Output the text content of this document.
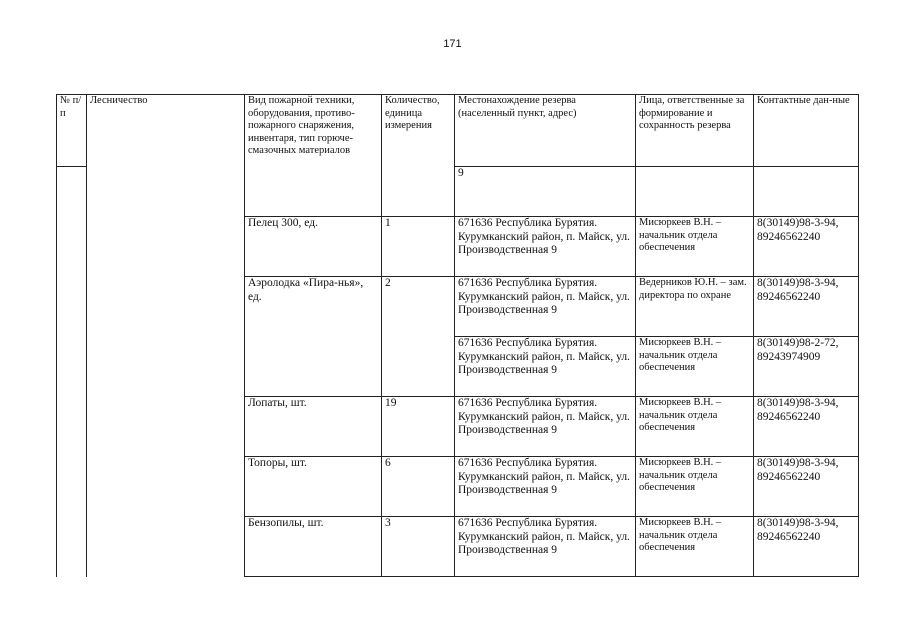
171
№ п/п	Лесничество	Вид пожарной техники, оборудования, противо-пожарного снаряжения, инвентаря, тип горюче-смазочных материалов	Количество, единица измерения	Местонахождение резерва (населенный пункт, адрес)	Лица, ответственные за формирование и сохранность резерва	Контактные дан-ные
				9		
		Пелец 300, ед.	1	671636 Республика Бурятия. Курумканский район, п. Майск, ул. Производственная 9	Мисюркеев В.Н. – начальник отдела обеспечения	8(30149)98-3-94, 89246562240
		Аэролодка «Пира-нья», ед.	2	671636 Республика Бурятия. Курумканский район, п. Майск, ул. Производственная 9	Ведерников Ю.Н. – зам. директора по охране	8(30149)98-3-94, 89246562240
				671636 Республика Бурятия. Курумканский район, п. Майск, ул. Производственная 9	Мисюркеев В.Н. – начальник отдела обеспечения	8(30149)98-2-72, 89243974909
		Лопаты, шт.	19	671636 Республика Бурятия. Курумканский район, п. Майск, ул. Производственная 9	Мисюркеев В.Н. – начальник отдела обеспечения	8(30149)98-3-94, 89246562240
		Топоры, шт.	6	671636 Республика Бурятия. Курумканский район, п. Майск, ул. Производственная 9	Мисюркеев В.Н. – начальник отдела обеспечения	8(30149)98-3-94, 89246562240
		Бензопилы, шт.	3	671636 Республика Бурятия. Курумканский район, п. Майск, ул. Производственная 9	Мисюркеев В.Н. – начальник отдела обеспечения	8(30149)98-3-94, 89246562240
